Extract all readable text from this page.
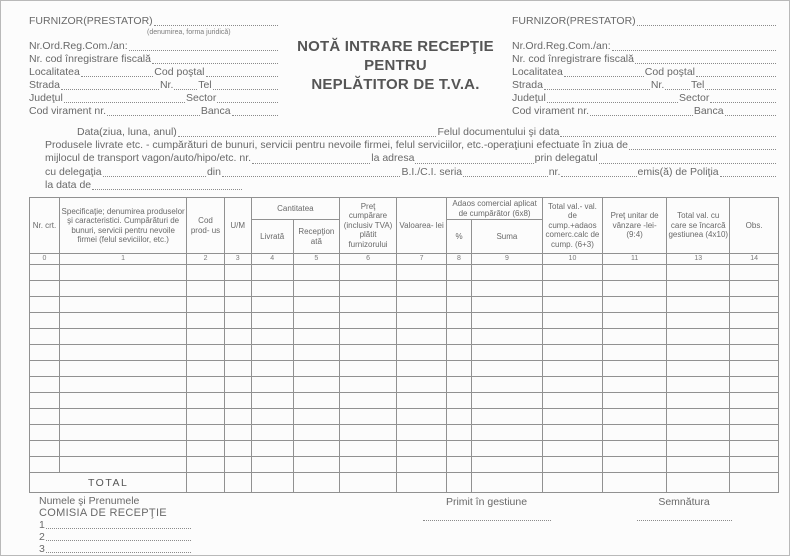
FURNIZOR(PRESTATOR)
(denumirea, forma juridică)
Nr.Ord.Reg.Com./an:
Nr. cod înregistrare fiscală
Localitatea	Cod poştal
Strada	Nr. Tel
Judeţul	Sector
Cod virament nr.	Banca
NOTĂ INTRARE RECEPŢIE
PENTRU
NEPLĂTITOR DE T.V.A.
FURNIZOR(PRESTATOR)
Nr.Ord.Reg.Com./an:
Nr. cod înregistrare fiscală
Localitatea	Cod poştal
Strada	Nr.	Tel
Judeţul	Sector
Cod virament nr.	Banca
Data(ziua, luna, anul)	Felul documentului şi data
Produsele livrate etc. - cumpărături de bunuri, servicii pentru nevoile firmei, felul serviciilor, etc.-operaţiuni efectuate în ziua de
mijlocul de transport vagon/auto/hipo/etc. nr.	la adresa	prin delegatul
cu delegaţia	din	B.I./C.I. seria	nr.	emis(ă) de Poliţia
la data de
Nr. crt.	Specificaţie; denumirea produselor şi caracteristici. Cumpărături de bunuri, servicii pentru nevoile firmei (felul seviciilor, etc.)	Cod prod- us	U/M	Cantitatea		Preţ cumpărare (inclusiv TVA) plătit furnizorului	Valoarea- lei	Adaos comercial aplicat de cumpărător (6x8)		Total val.- val. de cump.+adaos comerc.calc de cump. (6+3)	Preţ unitar de vânzare -lei- (9:4)	Total val. cu care se încarcă gestiunea (4x10)	Obs.
				Livrată	Recepţion ată			%	Suma				
0	1	2	3	4	5	6	7	8	9	10	11	13	14

TOTAL													
Numele şi Prenumele
COMISIA DE RECEPŢIE
1
2
3
Primit în gestiune	Semnătura
